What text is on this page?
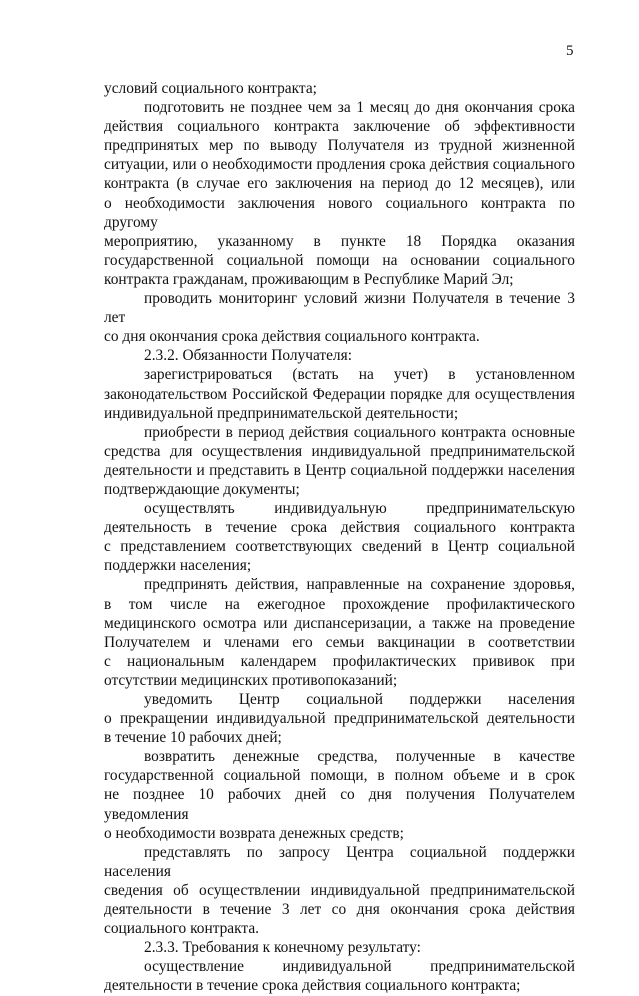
5
условий социального контракта;
подготовить не позднее чем за 1 месяц до дня окончания срока
действия социального контракта заключение об эффективности
предпринятых мер по выводу Получателя из трудной жизненной
ситуации, или о необходимости продления срока действия социального
контракта (в случае его заключения на период до 12 месяцев), или
о необходимости заключения нового социального контракта по другому
мероприятию, указанному в пункте 18 Порядка оказания
государственной социальной помощи на основании социального
контракта гражданам, проживающим в Республике Марий Эл;
проводить мониторинг условий жизни Получателя в течение 3 лет
со дня окончания срока действия социального контракта.
2.3.2. Обязанности Получателя:
зарегистрироваться (встать на учет) в установленном
законодательством Российской Федерации порядке для осуществления
индивидуальной предпринимательской деятельности;
приобрести в период действия социального контракта основные
средства для осуществления индивидуальной предпринимательской
деятельности и представить в Центр социальной поддержки населения
подтверждающие документы;
осуществлять индивидуальную предпринимательскую
деятельность в течение срока действия социального контракта
с представлением соответствующих сведений в Центр социальной
поддержки населения;
предпринять действия, направленные на сохранение здоровья,
в том числе на ежегодное прохождение профилактического
медицинского осмотра или диспансеризации, а также на проведение
Получателем и членами его семьи вакцинации в соответствии
с национальным календарем профилактических прививок при
отсутствии медицинских противопоказаний;
уведомить Центр социальной поддержки населения
о прекращении индивидуальной предпринимательской деятельности
в течение 10 рабочих дней;
возвратить денежные средства, полученные в качестве
государственной социальной помощи, в полном объеме и в срок
не позднее 10 рабочих дней со дня получения Получателем уведомления
о необходимости возврата денежных средств;
представлять по запросу Центра социальной поддержки населения
сведения об осуществлении индивидуальной предпринимательской
деятельности в течение 3 лет со дня окончания срока действия
социального контракта.
2.3.3. Требования к конечному результату:
осуществление индивидуальной предпринимательской
деятельности в течение срока действия социального контракта;
